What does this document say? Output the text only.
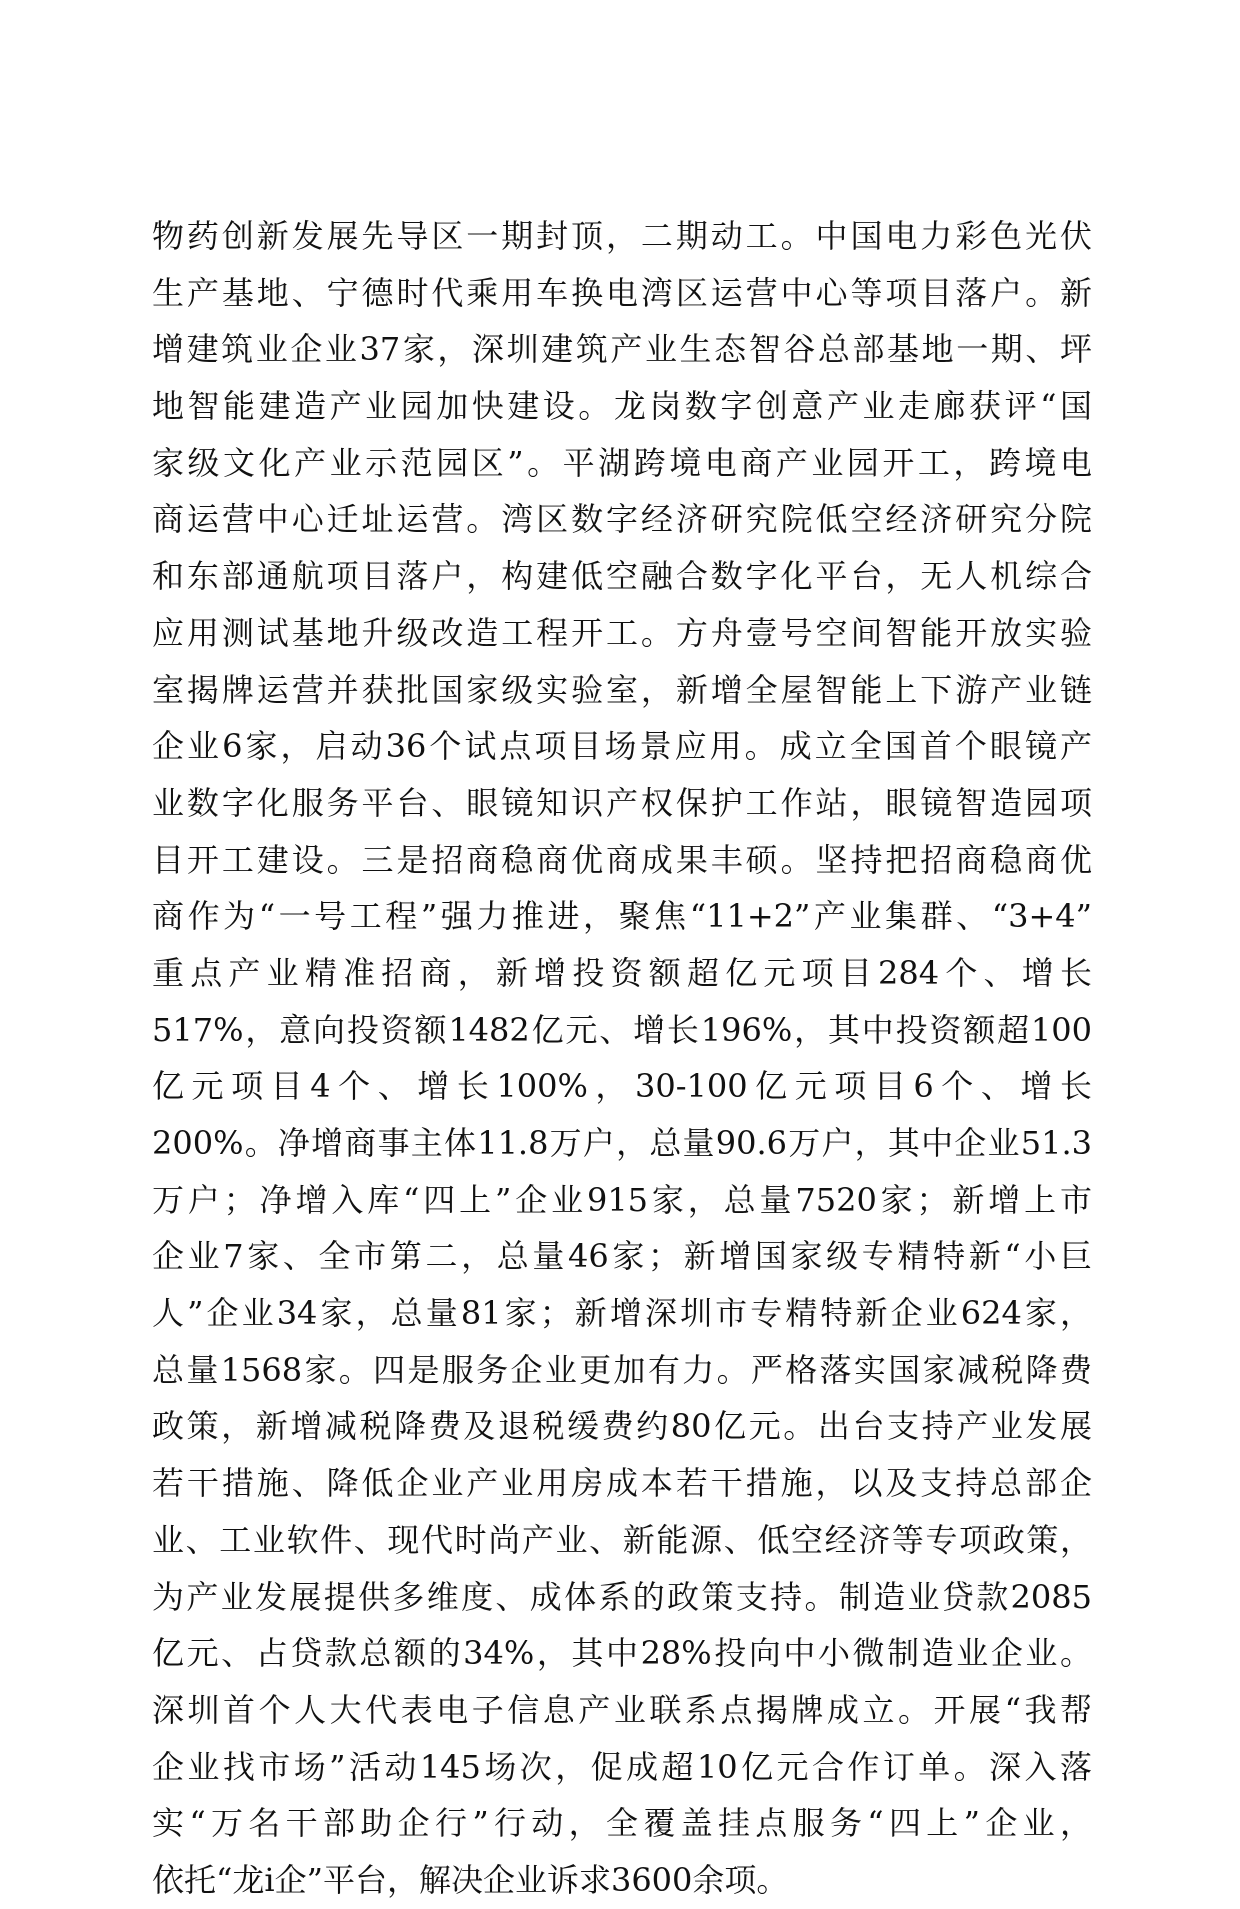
物药创新发展先导区一期封顶，二期动工。中国电力彩色光伏
生产基地、宁德时代乘用车换电湾区运营中心等项目落户。新
增建筑业企业37家，深圳建筑产业生态智谷总部基地一期、坪
地智能建造产业园加快建设。龙岗数字创意产业走廊获评“国
家级文化产业示范园区”。平湖跨境电商产业园开工，跨境电
商运营中心迁址运营。湾区数字经济研究院低空经济研究分院
和东部通航项目落户，构建低空融合数字化平台，无人机综合
应用测试基地升级改造工程开工。方舟壹号空间智能开放实验
室揭牌运营并获批国家级实验室，新增全屋智能上下游产业链
企业6家，启动36个试点项目场景应用。成立全国首个眼镜产
业数字化服务平台、眼镜知识产权保护工作站，眼镜智造园项
目开工建设。三是招商稳商优商成果丰硕。坚持把招商稳商优
商作为“一号工程”强力推进，聚焦“11+2”产业集群、“3+4”
重点产业精准招商，新增投资额超亿元项目284个、增长
517%，意向投资额1482亿元、增长196%，其中投资额超100
亿元项目4个、增长100%，30-100亿元项目6个、增长
200%。净增商事主体11.8万户，总量90.6万户，其中企业51.3
万户；净增入库“四上”企业915家，总量7520家；新增上市
企业7家、全市第二，总量46家；新增国家级专精特新“小巨
人”企业34家，总量81家；新增深圳市专精特新企业624家，
总量1568家。四是服务企业更加有力。严格落实国家减税降费
政策，新增减税降费及退税缓费约80亿元。出台支持产业发展
若干措施、降低企业产业用房成本若干措施，以及支持总部企
业、工业软件、现代时尚产业、新能源、低空经济等专项政策，
为产业发展提供多维度、成体系的政策支持。制造业贷款2085
亿元、占贷款总额的34%，其中28%投向中小微制造业企业。
深圳首个人大代表电子信息产业联系点揭牌成立。开展“我帮
企业找市场”活动145场次，促成超10亿元合作订单。深入落
实“万名干部助企行”行动，全覆盖挂点服务“四上”企业，
依托“龙i企”平台，解决企业诉求3600余项。
